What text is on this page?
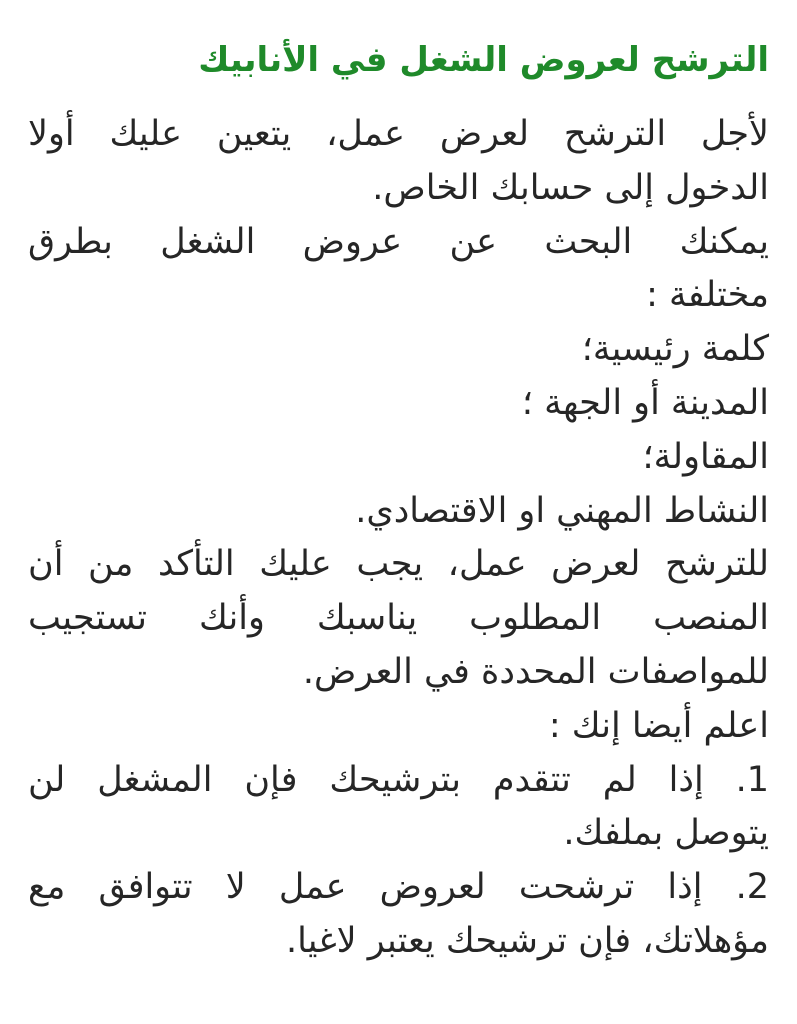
الترشح لعروض الشغل في الأنابيك

لأجل الترشح لعرض عمل، يتعين عليك أولا

الدخول إلى حسابك الخاص.

يمكنك البحث عن عروض الشغل بطرق

مختلفة :

كلمة رئيسية؛

المدينة أو الجهة ؛

المقاولة؛

النشاط المهني او الاقتصادي.

للترشح لعرض عمل، يجب عليك التأكد من أن

المنصب المطلوب يناسبك وأنك تستجيب

للمواصفات المحددة في العرض.

اعلم أيضا إنك :

1. إذا لم تتقدم بترشيحك فإن المشغل لن

يتوصل بملفك.

2. إذا ترشحت لعروض عمل لا تتوافق مع

مؤهلاتك، فإن ترشيحك يعتبر لاغيا.
